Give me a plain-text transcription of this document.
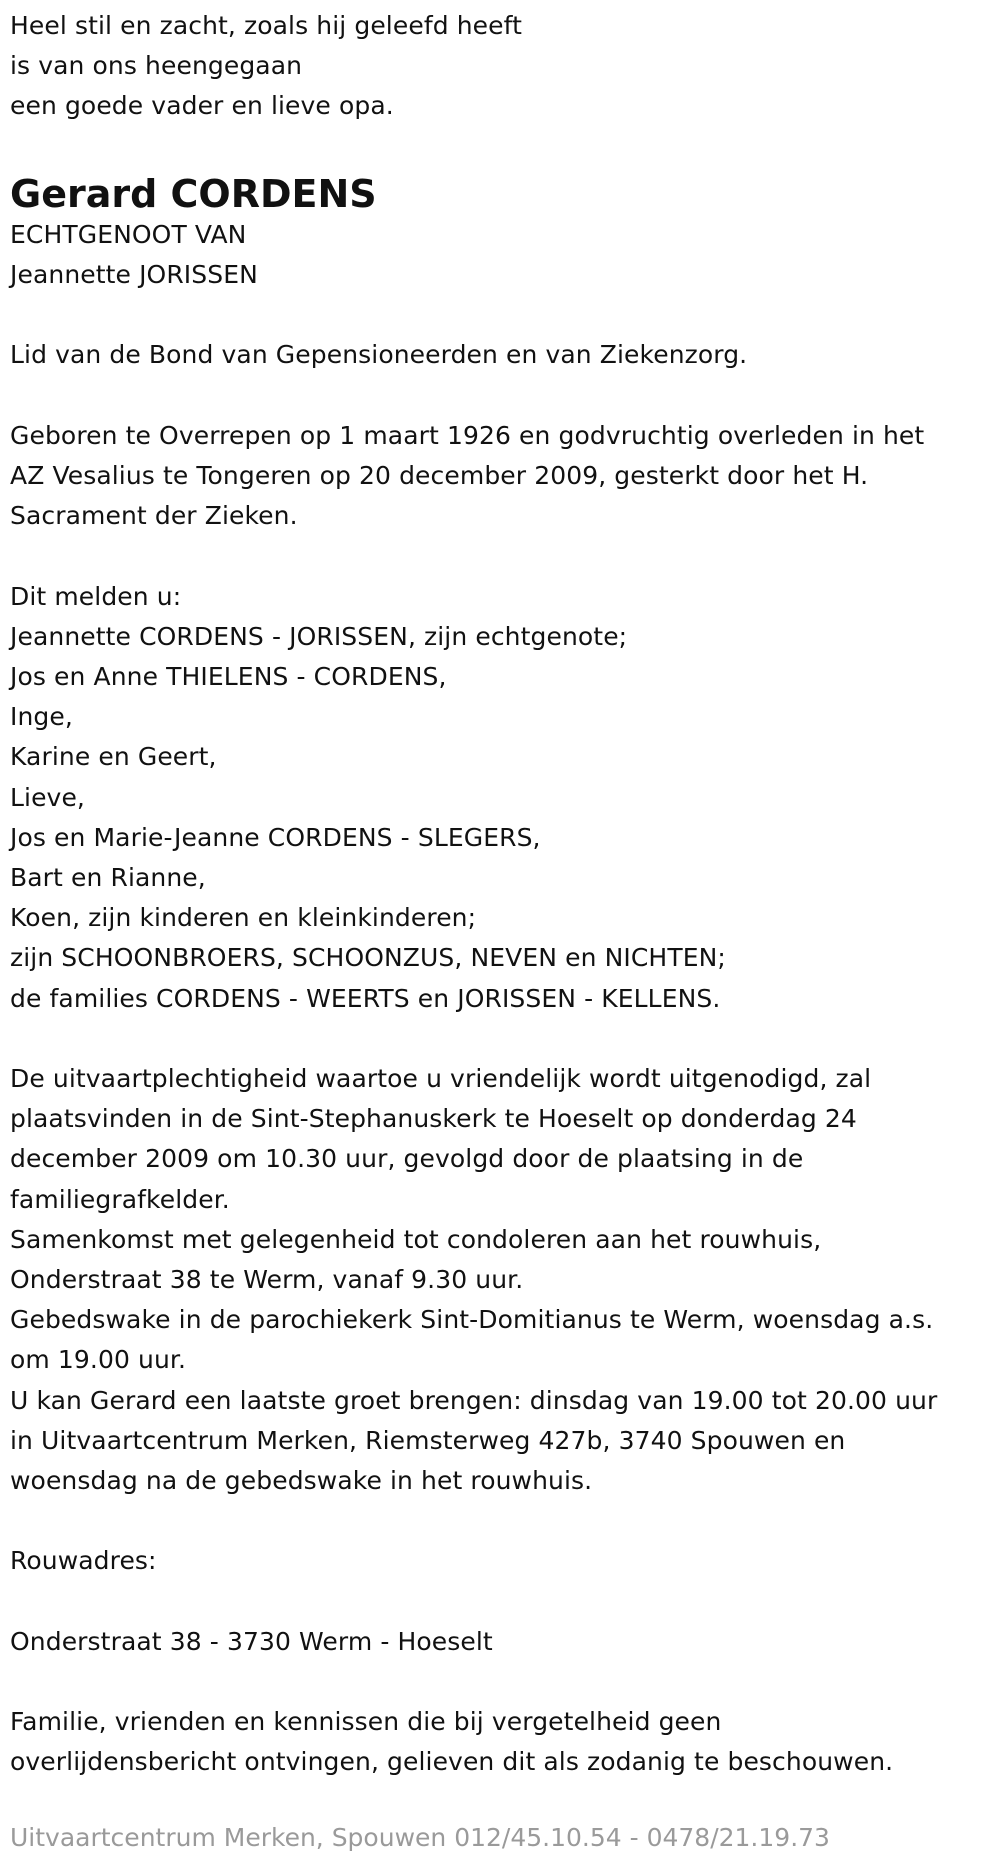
Heel stil en zacht, zoals hij geleefd heeft
is van ons heengegaan
een goede vader en lieve opa.
Gerard CORDENS
ECHTGENOOT VAN
Jeannette JORISSEN
Lid van de Bond van Gepensioneerden en van Ziekenzorg.
Geboren te Overrepen op 1 maart 1926 en godvruchtig overleden in het
AZ Vesalius te Tongeren op 20 december 2009, gesterkt door het H.
Sacrament der Zieken.
Dit melden u:
Jeannette CORDENS - JORISSEN, zijn echtgenote;
Jos en Anne THIELENS - CORDENS,
Inge,
Karine en Geert,
Lieve,
Jos en Marie-Jeanne CORDENS - SLEGERS,
Bart en Rianne,
Koen, zijn kinderen en kleinkinderen;
zijn SCHOONBROERS, SCHOONZUS, NEVEN en NICHTEN;
de families CORDENS - WEERTS en JORISSEN - KELLENS.
De uitvaartplechtigheid waartoe u vriendelijk wordt uitgenodigd, zal
plaatsvinden in de Sint-Stephanuskerk te Hoeselt op donderdag 24
december 2009 om 10.30 uur, gevolgd door de plaatsing in de
familiegrafkelder.
Samenkomst met gelegenheid tot condoleren aan het rouwhuis,
Onderstraat 38 te Werm, vanaf 9.30 uur.
Gebedswake in de parochiekerk Sint-Domitianus te Werm, woensdag a.s.
om 19.00 uur.
U kan Gerard een laatste groet brengen: dinsdag van 19.00 tot 20.00 uur
in Uitvaartcentrum Merken, Riemsterweg 427b, 3740 Spouwen en
woensdag na de gebedswake in het rouwhuis.
Rouwadres:
Onderstraat 38 - 3730 Werm - Hoeselt
Familie, vrienden en kennissen die bij vergetelheid geen
overlijdensbericht ontvingen, gelieven dit als zodanig te beschouwen.
Uitvaartcentrum Merken, Spouwen 012/45.10.54 - 0478/21.19.73
